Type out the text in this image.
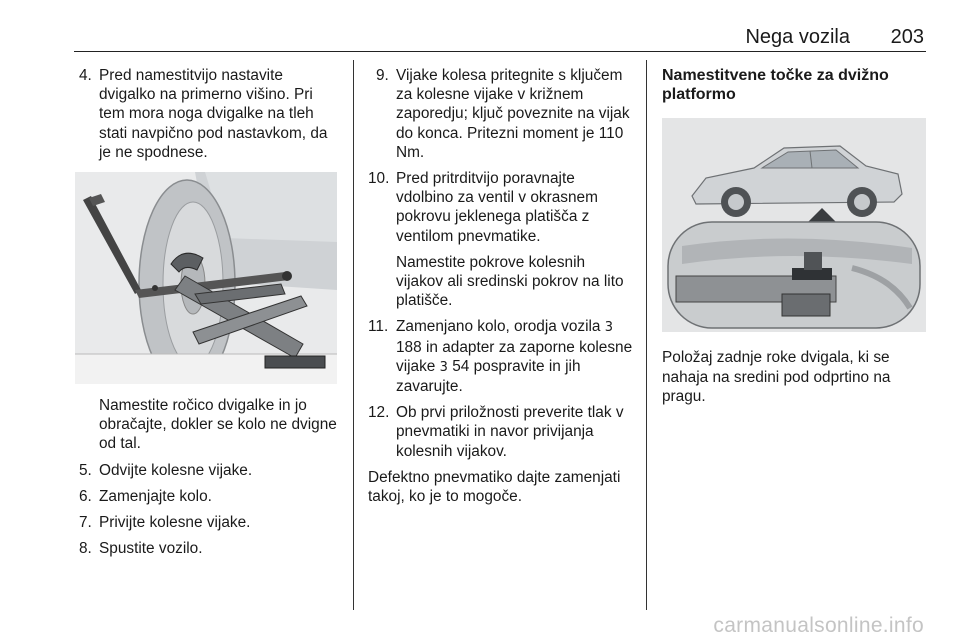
Nega vozila 203
4. Pred namestitvijo nastavite dvigalko na primerno višino. Pri tem mora noga dvigalke na tleh stati navpično pod nastavkom, da je ne spodnese.
Namestite ročico dvigalke in jo obračajte, dokler se kolo ne dvigne od tal.
5. Odvijte kolesne vijake.
6. Zamenjajte kolo.
7. Privijte kolesne vijake.
8. Spustite vozilo.
9. Vijake kolesa pritegnite s ključem za kolesne vijake v križnem zaporedju; ključ poveznite na vijak do konca. Pritezni moment je 110 Nm.
10. Pred pritrditvijo poravnajte vdolbino za ventil v okrasnem pokrovu jeklenega platišča z ventilom pnevmatike.
Namestite pokrove kolesnih vijakov ali sredinski pokrov na lito platišče.
11. Zamenjano kolo, orodja vozila 3 188 in adapter za zaporne kolesne vijake 3 54 pospravite in jih zavarujte.
12. Ob prvi priložnosti preverite tlak v pnevmatiki in navor privijanja kolesnih vijakov.
Defektno pnevmatiko dajte zamenjati takoj, ko je to mogoče.
Namestitvene točke za dvižno platformo
Položaj zadnje roke dvigala, ki se nahaja na sredini pod odprtino na pragu.
carmanualsonline.info
